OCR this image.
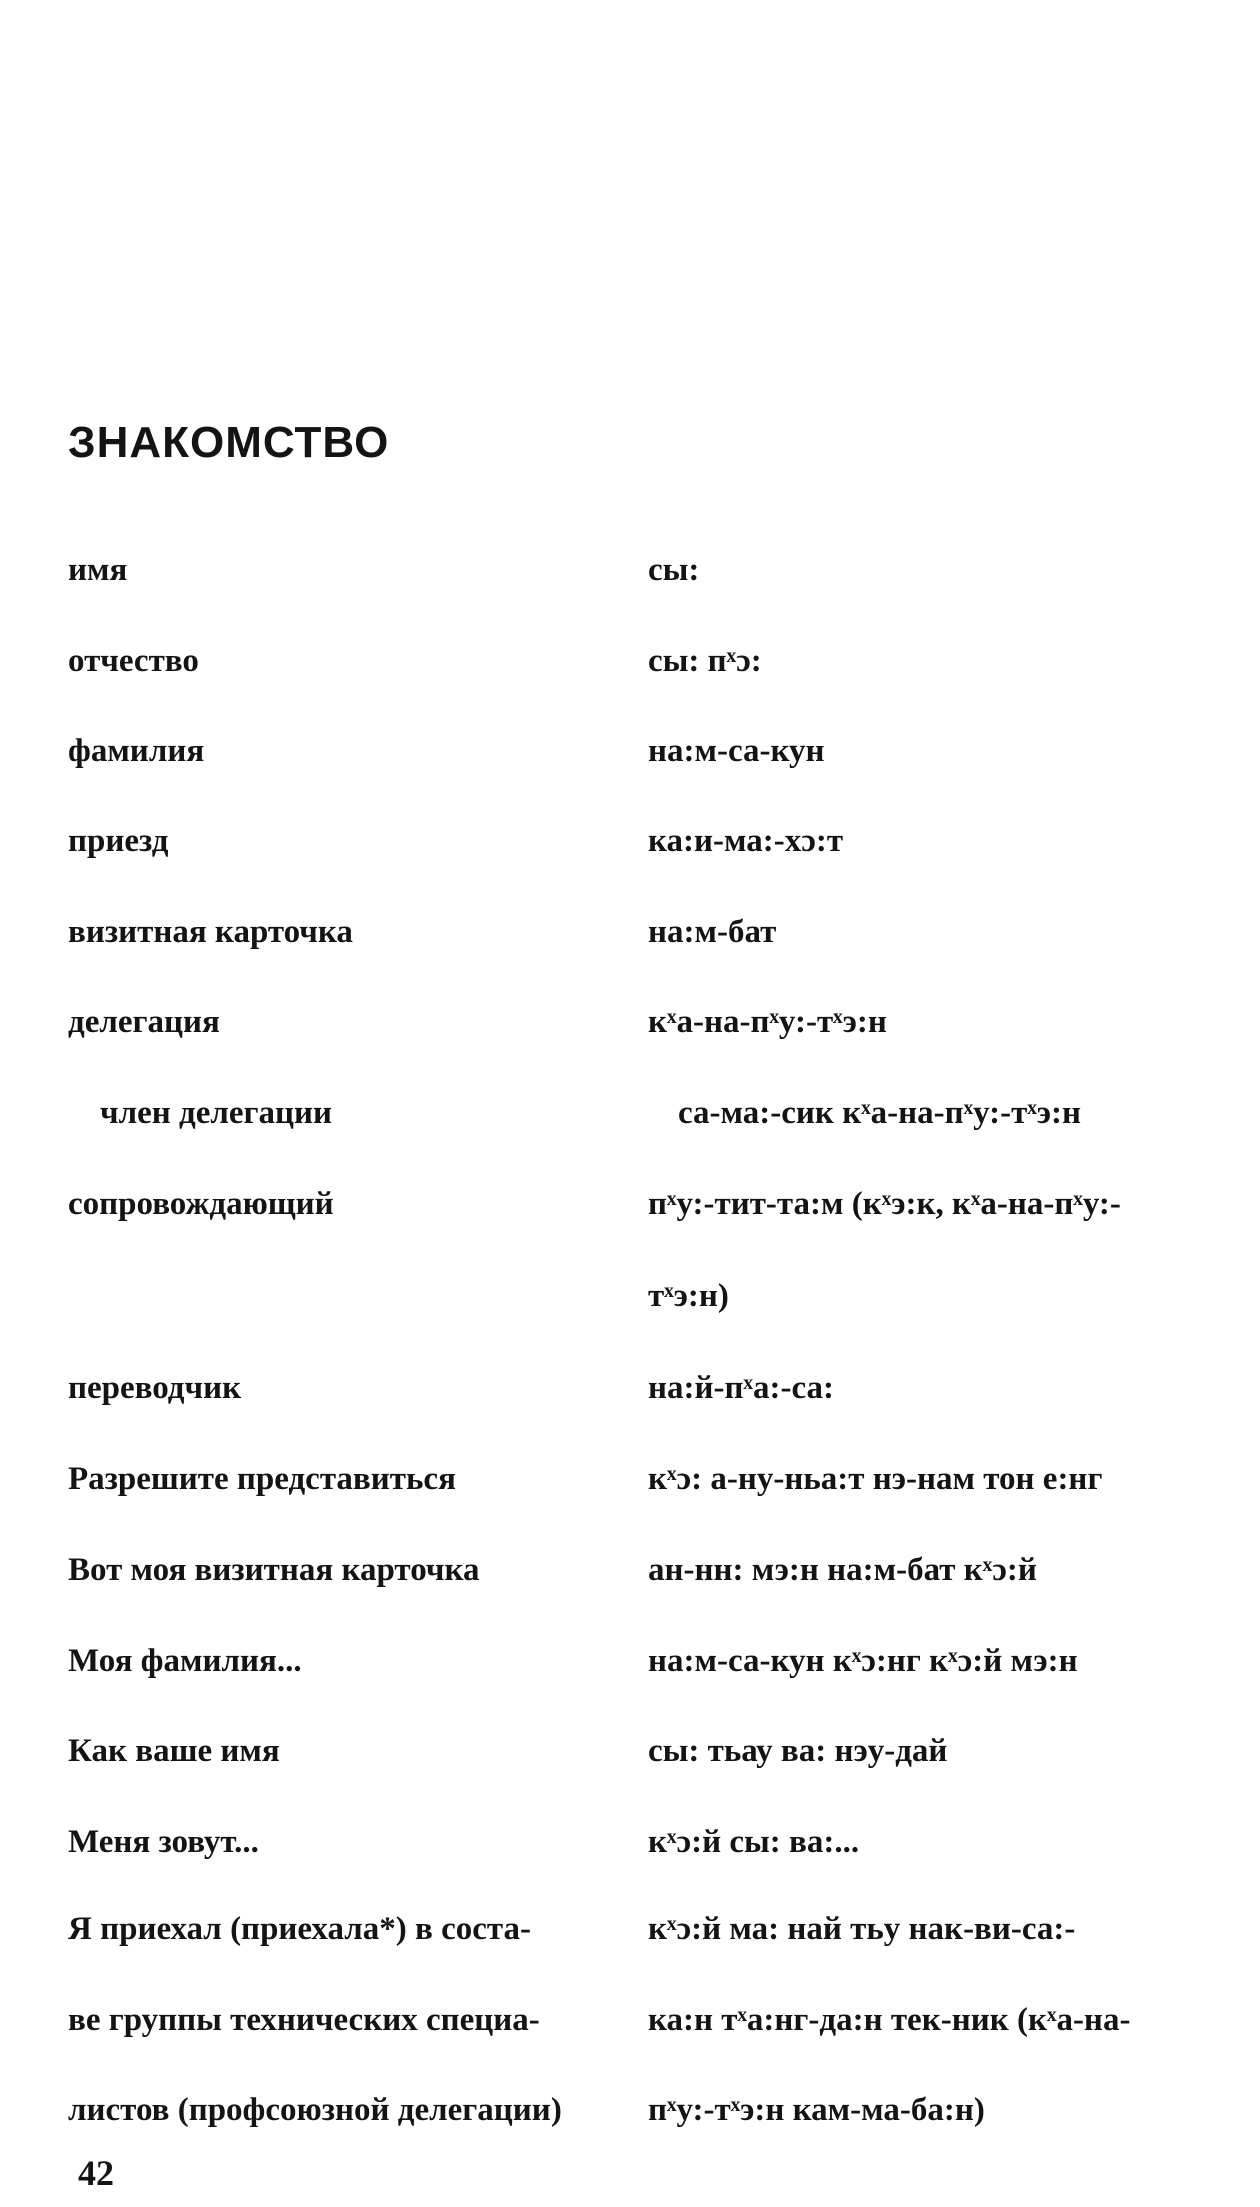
ЗНАКОМСТВО
имя	сы:
отчество	сы: пˣɔ:
фамилия	на:м-са-кун
приезд	ка:и-ма:-хɔ:т
визитная карточка	на:м-бат
делегация	кˣа-на-пˣу:-тˣэ:н
член делегации	са-ма:-сик кˣа-на-пˣу:-тˣэ:н
сопровождающий	пˣу:-тит-та:м (кˣэ:к, кˣа-на-пˣу:-
тˣэ:н)
переводчик	на:й-пˣа:-са:
Разрешите представиться	кˣɔ: а-ну-ньа:т нэ-нам тон е:нг
Вот моя визитная карточка	ан-нн: мэ:н на:м-бат кˣɔ:й
Моя фамилия...	на:м-са-кун кˣɔ:нг кˣɔ:й мэ:н
Как ваше имя	сы: тьау ва: нэу-дай
Меня зовут...	кˣɔ:й сы: ва:...
Я приехал (приехала*) в соста-	кˣɔ:й ма: най тьу нак-ви-са:-
ве группы технических специа-	ка:н тˣа:нг-да:н тек-ник (кˣа-на-
листов (профсоюзной делегации)	пˣу:-тˣэ:н кам-ма-ба:н)
42
